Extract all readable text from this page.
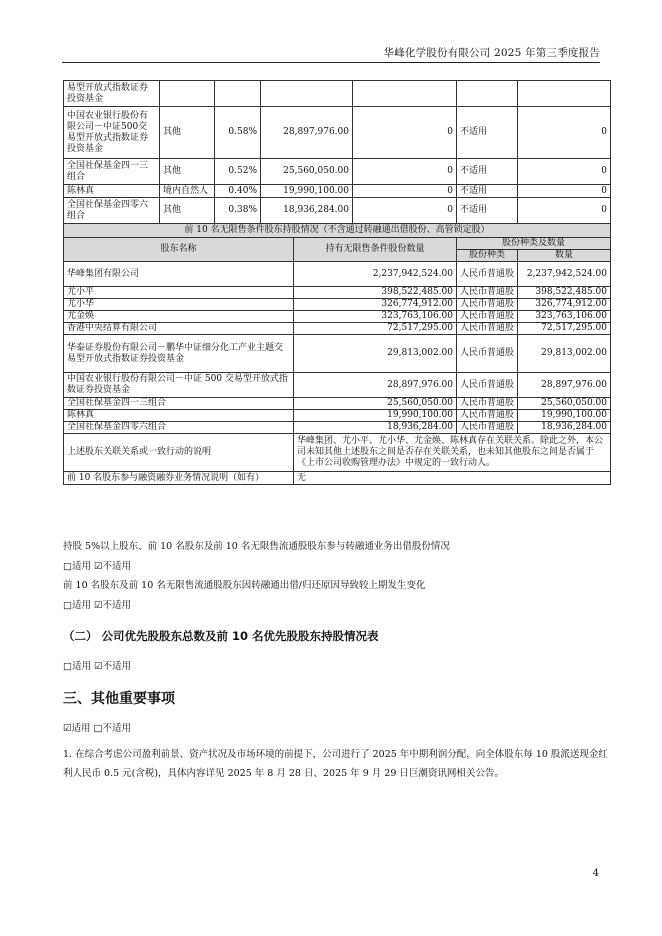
华峰化学股份有限公司 2025 年第三季度报告
易型开放式指数证券投资基金						
中国农业银行股份有限公司－中证500交易型开放式指数证券投资基金	其他	0.58%	28,897,976.00	0	不适用	0
全国社保基金四一三组合	其他	0.52%	25,560,050.00	0	不适用	0
陈林真	境内自然人	0.40%	19,990,100.00	0	不适用	0
全国社保基金四零六组合	其他	0.38%	18,936,284.00	0	不适用	0
前 10 名无限售条件股东持股情况（不含通过转融通出借股份、高管锁定股）			
股东名称	持有无限售条件股份数量	股份种类及数量	
		股份种类	数量
华峰集团有限公司	2,237,942,524.00	人民币普通股	2,237,942,524.00
尤小平	398,522,485.00	人民币普通股	398,522,485.00
尤小华	326,774,912.00	人民币普通股	326,774,912.00
尤金焕	323,763,106.00	人民币普通股	323,763,106.00
香港中央结算有限公司	72,517,295.00	人民币普通股	72,517,295.00
华泰证券股份有限公司－鹏华中证细分化工产业主题交易型开放式指数证券投资基金	29,813,002.00	人民币普通股	29,813,002.00
中国农业银行股份有限公司－中证 500 交易型开放式指数证券投资基金	28,897,976.00	人民币普通股	28,897,976.00
全国社保基金四一三组合	25,560,050.00	人民币普通股	25,560,050.00
陈林真	19,990,100.00	人民币普通股	19,990,100.00
全国社保基金四零六组合	18,936,284.00	人民币普通股	18,936,284.00
上述股东关联关系或一致行动的说明	华峰集团、尤小平、尤小华、尤金焕、陈林真存在关联关系。除此之外，本公司未知其他上述股东之间是否存在关联关系，也未知其他股东之间是否属于《上市公司收购管理办法》中规定的一致行动人。		
前 10 名股东参与融资融券业务情况说明（如有）	无		
持股 5%以上股东、前 10 名股东及前 10 名无限售流通股股东参与转融通业务出借股份情况
□适用 ☑不适用
前 10 名股东及前 10 名无限售流通股股东因转融通出借/归还原因导致较上期发生变化
□适用 ☑不适用
（二） 公司优先股股东总数及前 10 名优先股股东持股情况表
□适用 ☑不适用
三、其他重要事项
☑适用 □不适用
1. 在综合考虑公司盈利前景、资产状况及市场环境的前提下，公司进行了 2025 年中期利润分配，向全体股东每 10 股派送现金红利人民币 0.5 元(含税)，具体内容详见 2025 年 8 月 28 日、2025 年 9 月 29 日巨潮资讯网相关公告。
4
